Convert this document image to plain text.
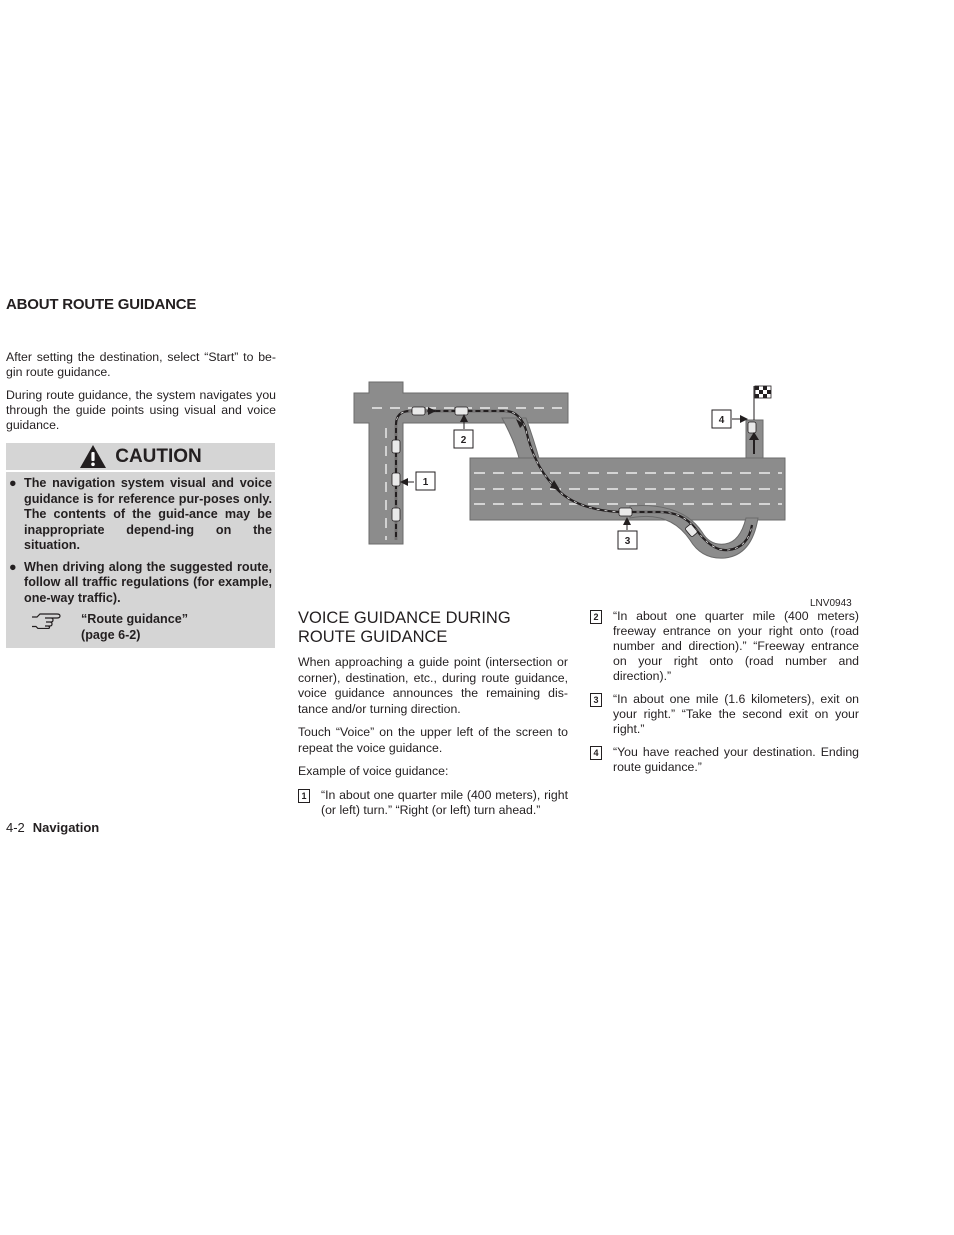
ABOUT ROUTE GUIDANCE

After setting the destination, select “Start” to be-gin route guidance.

During route guidance, the system navigates you through the guide points using visual and voice guidance.

CAUTION
● The navigation system visual and voice guidance is for reference pur-poses only. The contents of the guid-ance may be inappropriate depend-ing on the situation.
● When driving along the suggested route, follow all traffic regulations (for example, one-way traffic).
“Route guidance”
(page 6-2)
1
2
3
4
LNV0943
VOICE GUIDANCE DURING ROUTE GUIDANCE

When approaching a guide point (intersection or corner), destination, etc., during route guidance, voice guidance announces the remaining dis-tance and/or turning direction.

Touch “Voice” on the upper left of the screen to repeat the voice guidance.

Example of voice guidance:

1 “In about one quarter mile (400 meters), right (or left) turn.” “Right (or left) turn ahead.”
2 “In about one quarter mile (400 meters) freeway entrance on your right onto (road number and direction).” “Freeway entrance on your right onto (road number and direction).”
3 “In about one mile (1.6 kilometers), exit on your right.” “Take the second exit on your right.”
4 “You have reached your destination. Ending route guidance.”
4-2 Navigation
